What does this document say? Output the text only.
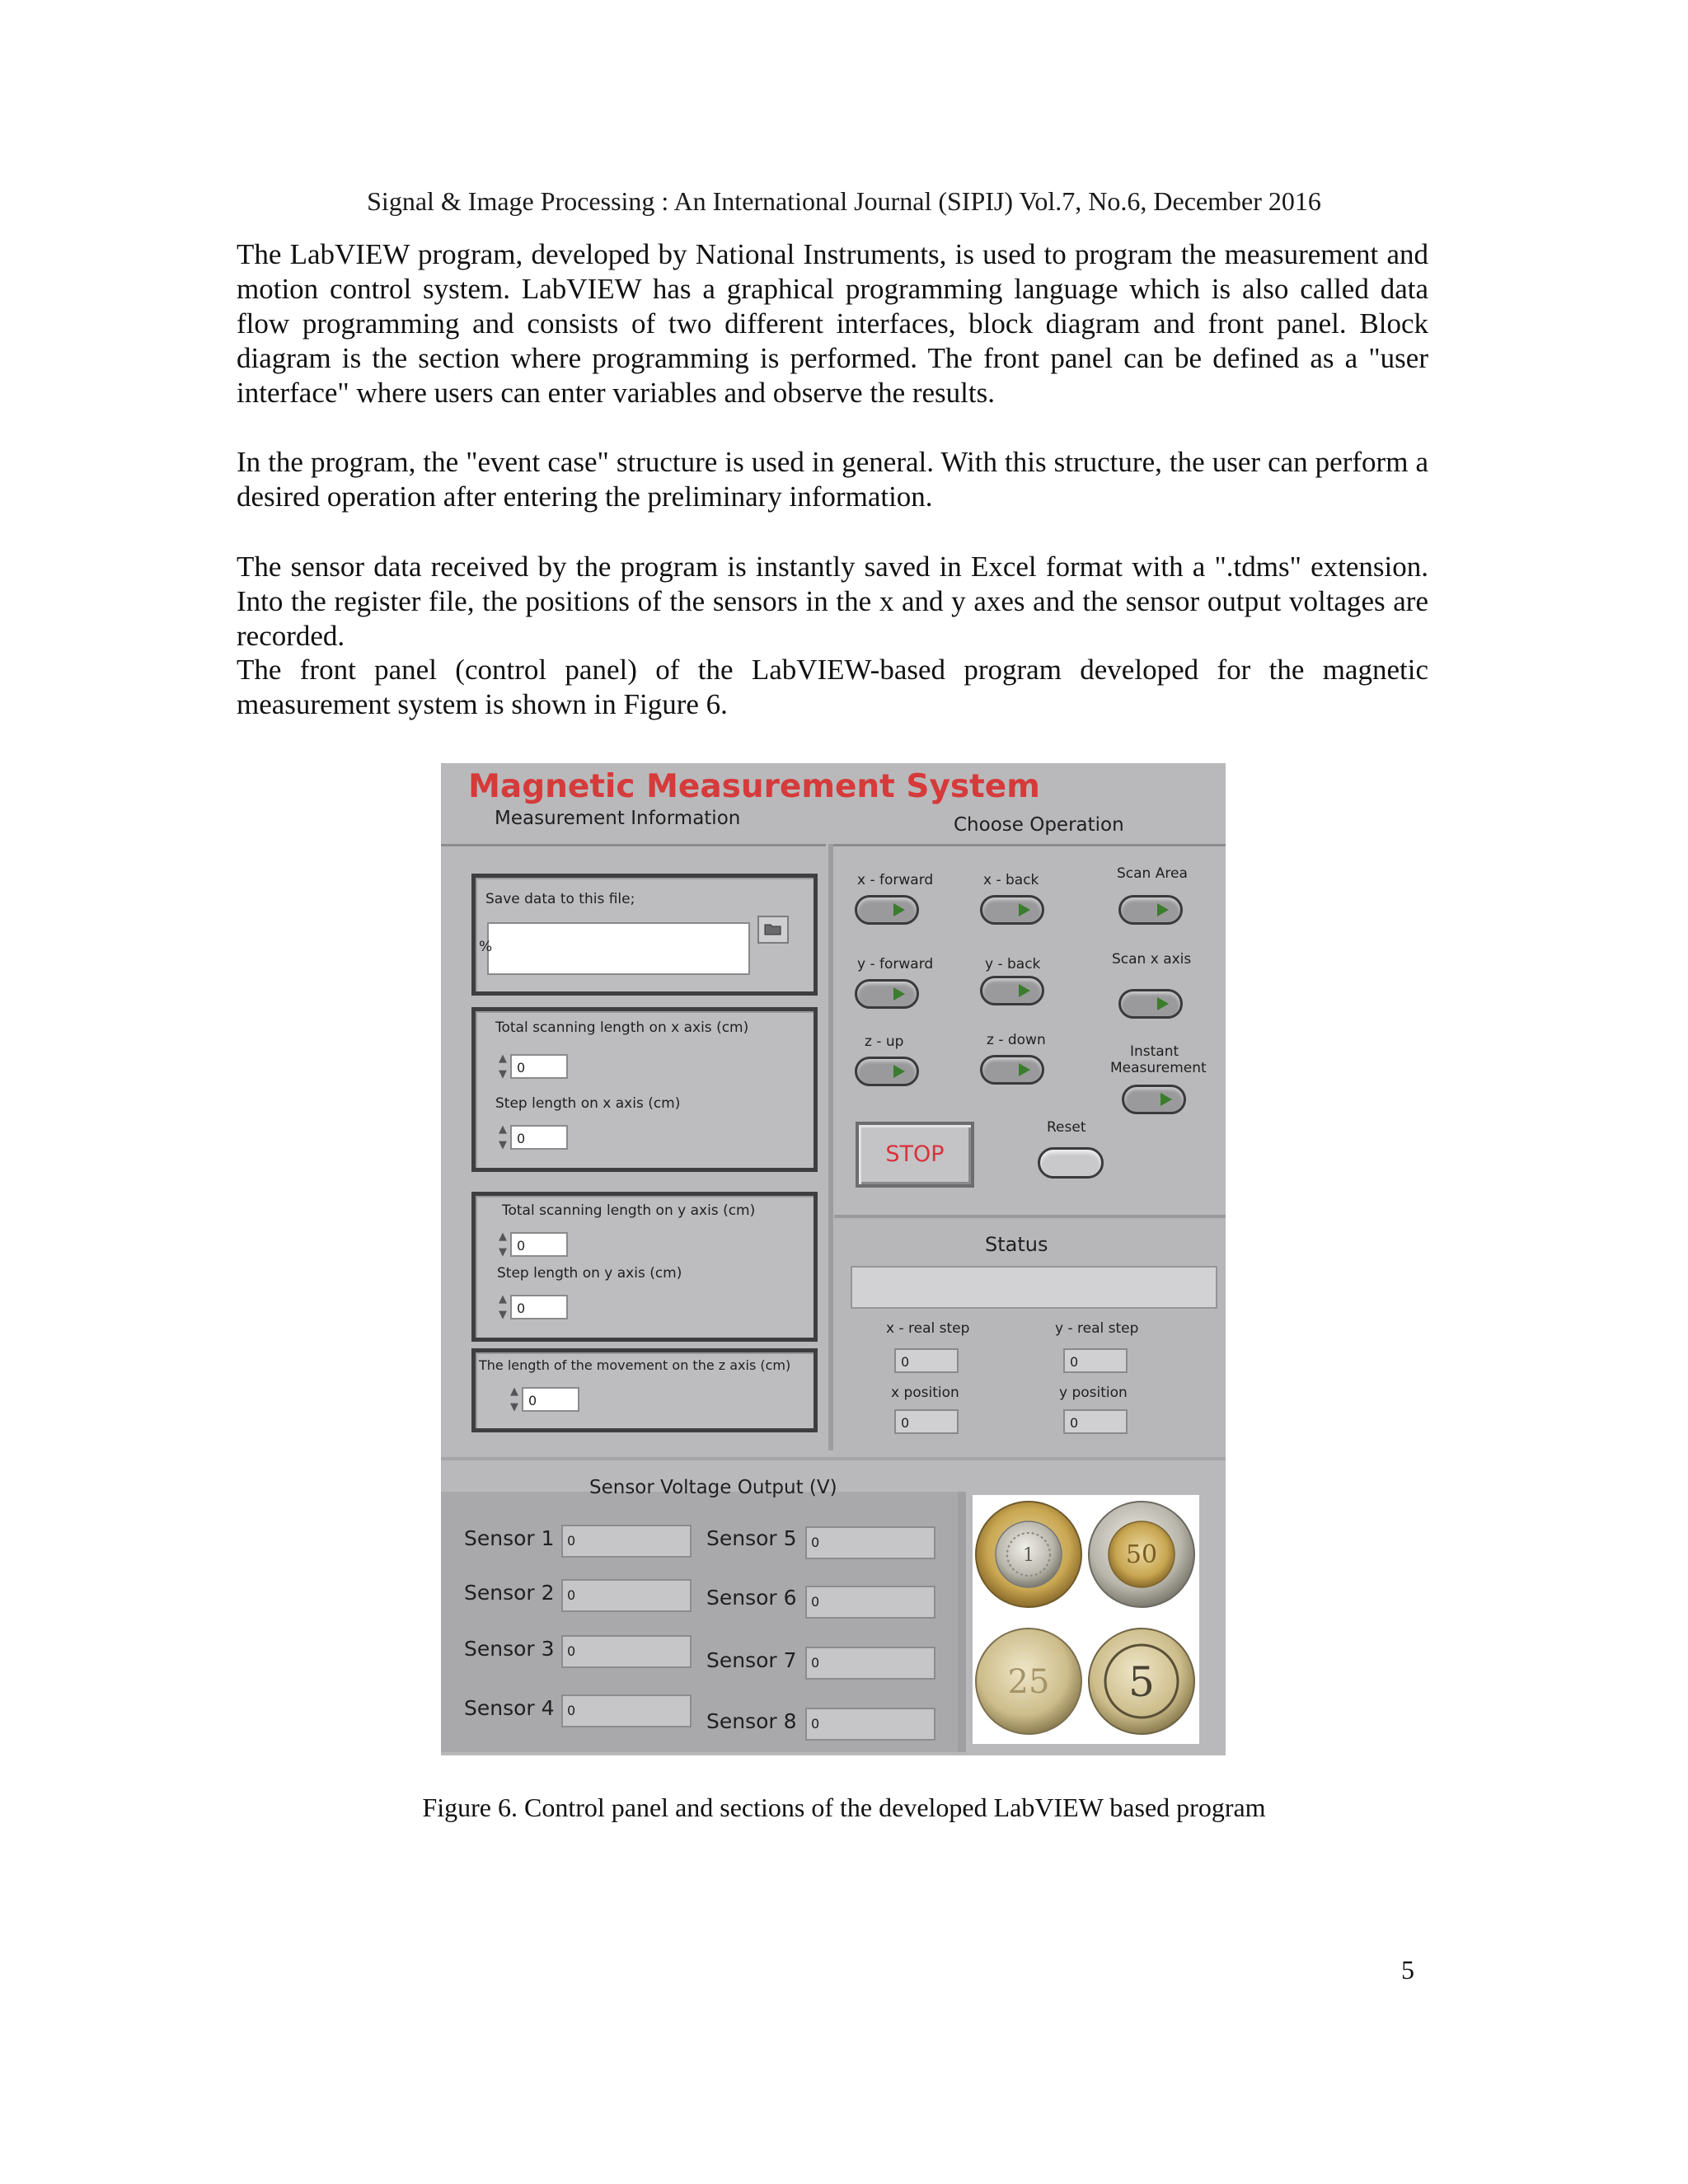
Signal & Image Processing : An International Journal (SIPIJ) Vol.7, No.6, December 2016

The LabVIEW program, developed by National Instruments, is used to program the measurement and motion control system. LabVIEW has a graphical programming language which is also called data flow programming and consists of two different interfaces, block diagram and front panel. Block diagram is the section where programming is performed. The front panel can be defined as a "user interface" where users can enter variables and observe the results.

In the program, the "event case" structure is used in general. With this structure, the user can perform a desired operation after entering the preliminary information.

The sensor data received by the program is instantly saved in Excel format with a ".tdms" extension. Into the register file, the positions of the sensors in the x and y axes and the sensor output voltages are recorded.

The front panel (control panel) of the LabVIEW-based program developed for the magnetic measurement system is shown in Figure 6.

Magnetic Measurement System
Measurement Information	Choose Operation
Save data to this file;
%
Total scanning length on x axis (cm)
▲
▼ 0
Step length on x axis (cm)
▲
▼ 0
Total scanning length on y axis (cm)
▲
▼ 0
Step length on y axis (cm)
▲
▼ 0
The length of the movement on the z axis (cm)
▲
▼ 0
x - forward	x - back	Scan Area
y - forward	y - back	Scan x axis
z - up	z - down
Instant
Measurement
STOP
Reset
Status
x - real step
0
y - real step
0
x position
0
y position
0
Sensor Voltage Output (V)
Sensor 1 0
Sensor 2 0
Sensor 3 0
Sensor 4 0
Sensor 5	0
Sensor 6	0
Sensor 7	0
Sensor 8	0
1	50
25 5
Figure 6. Control panel and sections of the developed LabVIEW based program
5
